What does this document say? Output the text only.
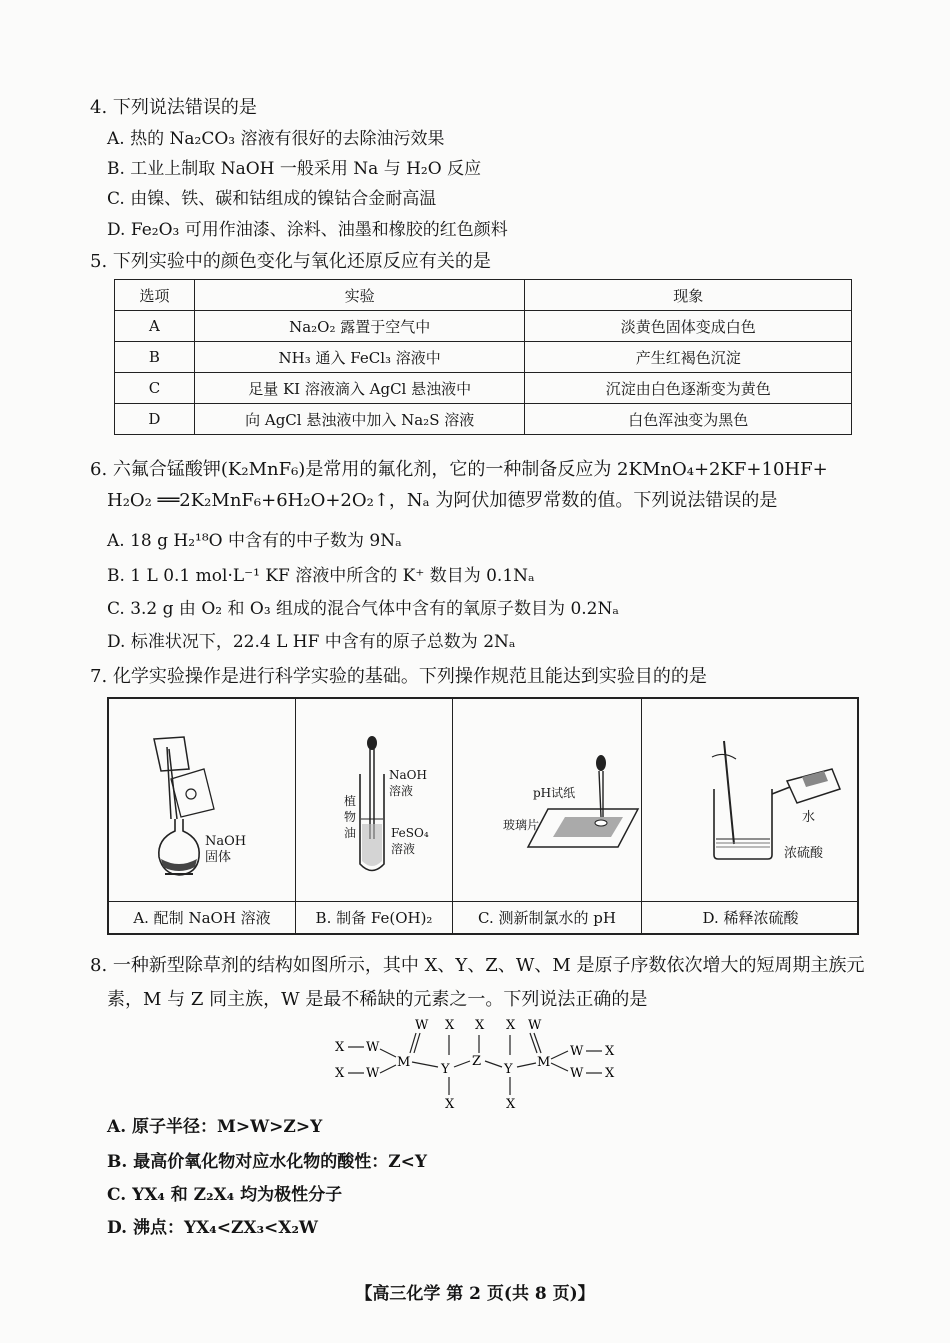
4. 下列说法错误的是
A. 热的 Na₂CO₃ 溶液有很好的去除油污效果
B. 工业上制取 NaOH 一般采用 Na 与 H₂O 反应
C. 由镍、铁、碳和钴组成的镍钴合金耐高温
D. Fe₂O₃ 可用作油漆、涂料、油墨和橡胶的红色颜料
5. 下列实验中的颜色变化与氧化还原反应有关的是
选项	实验	现象
A	Na₂O₂ 露置于空气中	淡黄色固体变成白色
B	NH₃ 通入 FeCl₃ 溶液中	产生红褐色沉淀
C	足量 KI 溶液滴入 AgCl 悬浊液中	沉淀由白色逐渐变为黄色
D	向 AgCl 悬浊液中加入 Na₂S 溶液	白色浑浊变为黑色
6. 六氟合锰酸钾(K₂MnF₆)是常用的氟化剂，它的一种制备反应为 2KMnO₄+2KF+10HF+
H₂O₂ ══2K₂MnF₆+6H₂O+2O₂↑，Nₐ 为阿伏加德罗常数的值。下列说法错误的是
A. 18 g H₂¹⁸O 中含有的中子数为 9Nₐ
B. 1 L 0.1 mol·L⁻¹ KF 溶液中所含的 K⁺ 数目为 0.1Nₐ
C. 3.2 g 由 O₂ 和 O₃ 组成的混合气体中含有的氧原子数目为 0.2Nₐ
D. 标准状况下，22.4 L HF 中含有的原子总数为 2Nₐ
7. 化学实验操作是进行科学实验的基础。下列操作规范且能达到实验目的的是
NaOH
固体
A. 配制 NaOH 溶液
NaOH
溶液
植
物
油	FeSO₄
溶液
B. 制备 Fe(OH)₂
pH试纸
玻璃片
C. 测新制氯水的 pH
水
浓硫酸
D. 稀释浓硫酸
8. 一种新型除草剂的结构如图所示，其中 X、Y、Z、W、M 是原子序数依次增大的短周期主族元
素，M 与 Z 同主族，W 是最不稀缺的元素之一。下列说法正确的是
W X X X W
X W
X W
M Y
X
Z
Y
X
M
W X
W X
A. 原子半径：M>W>Z>Y
B. 最高价氧化物对应水化物的酸性：Z<Y
C. YX₄ 和 Z₂X₄ 均为极性分子
D. 沸点：YX₄<ZX₃<X₂W
【高三化学 第 2 页(共 8 页)】
